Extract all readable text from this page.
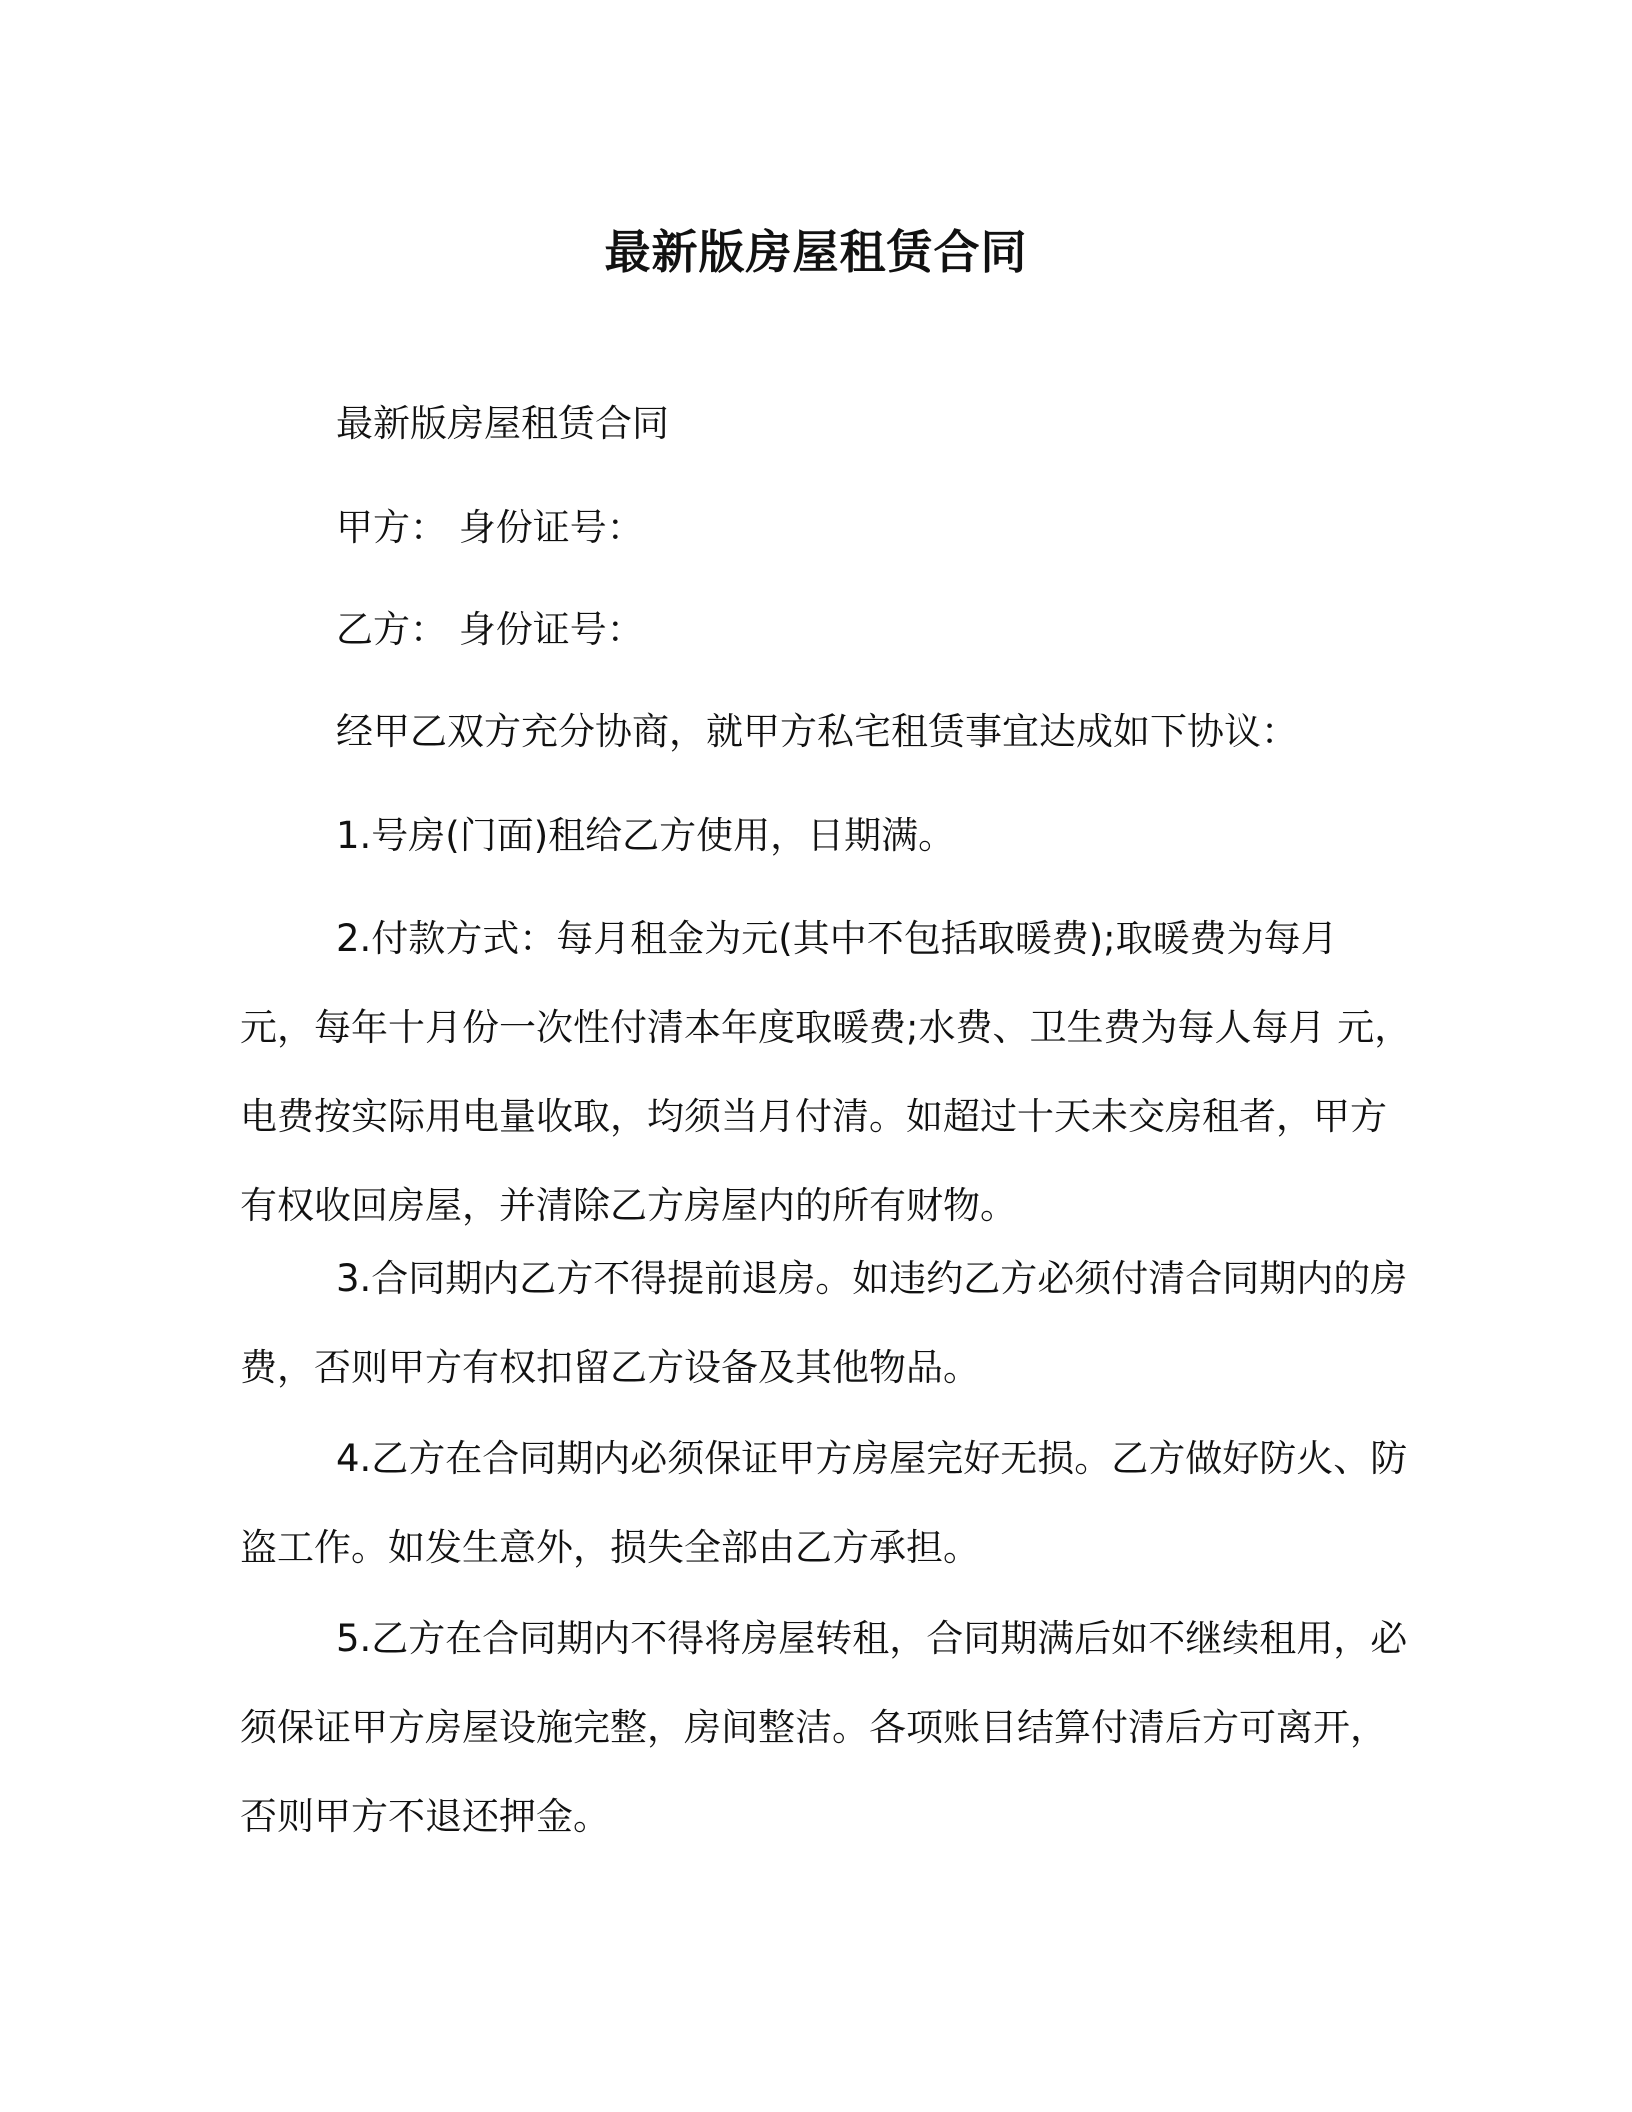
最新版房屋租赁合同

最新版房屋租赁合同

甲方： 身份证号：

乙方： 身份证号：

经甲乙双方充分协商，就甲方私宅租赁事宜达成如下协议：

1.号房(门面)租给乙方使用，日期满。

2.付款方式：每月租金为元(其中不包括取暖费);取暖费为每月 元，每年十月份一次性付清本年度取暖费;水费、卫生费为每人每月 元，电费按实际用电量收取，均须当月付清。如超过十天未交房租者，甲方有权收回房屋，并清除乙方房屋内的所有财物。

3.合同期内乙方不得提前退房。如违约乙方必须付清合同期内的房费，否则甲方有权扣留乙方设备及其他物品。

4.乙方在合同期内必须保证甲方房屋完好无损。乙方做好防火、防盗工作。如发生意外，损失全部由乙方承担。

5.乙方在合同期内不得将房屋转租，合同期满后如不继续租用，必须保证甲方房屋设施完整，房间整洁。各项账目结算付清后方可离开，否则甲方不退还押金。
